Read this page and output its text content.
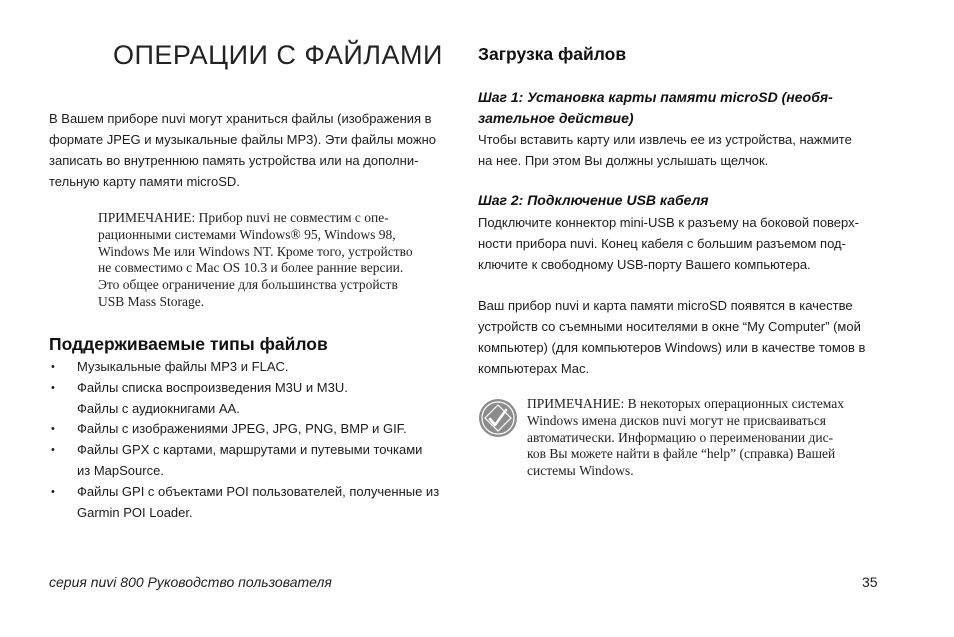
ОПЕРАЦИИ С ФАЙЛАМИ

В Вашем приборе nuvi могут храниться файлы (изображения в

формате JPEG и музыкальные файлы MP3). Эти файлы можно

записать во внутреннюю память устройства или на дополни-

тельную карту памяти microSD.

ПРИМЕЧАНИЕ: Прибор nuvi не совместим с опе-

рационными системами Windows® 95, Windows 98,

Windows Me или Windows NT. Кроме того, устройство

не совместимо с Mac OS 10.3 и более ранние версии.

Это общее ограничение для большинства устройств

USB Mass Storage.

Поддерживаемые типы файлов
• Музыкальные файлы MP3 и FLAC.
• Файлы списка воспроизведения M3U и M3U.
Файлы с аудиокнигами AA.
• Файлы с изображениями JPEG, JPG, PNG, BMP и GIF.
• Файлы GPX с картами, маршрутами и путевыми точками
из MapSource.
• Файлы GPI с объектами POI пользователей, полученные из
Garmin POI Loader.
Загрузка файлов

Шаг 1: Установка карты памяти microSD (необя-

зательное действие)

Чтобы вставить карту или извлечь ее из устройства, нажмите

на нее. При этом Вы должны услышать щелчок.

Шаг 2: Подключение USB кабеля

Подключите коннектор mini-USB к разъему на боковой поверх-

ности прибора nuvi. Конец кабеля с большим разъемом под-

ключите к свободному USB-порту Вашего компьютера.

Ваш прибор nuvi и карта памяти microSD появятся в качестве

устройств со съемными носителями в окне “My Computer” (мой

компьютер) (для компьютеров Windows) или в качестве томов в

компьютерах Mac.

ПРИМЕЧАНИЕ: В некоторых операционных системах

Windows имена дисков nuvi могут не присваиваться

автоматически. Информацию о переименовании дис-

ков Вы можете найти в файле “help” (справка) Вашей

системы Windows.

серия nuvi 800 Руководство пользователя	35
